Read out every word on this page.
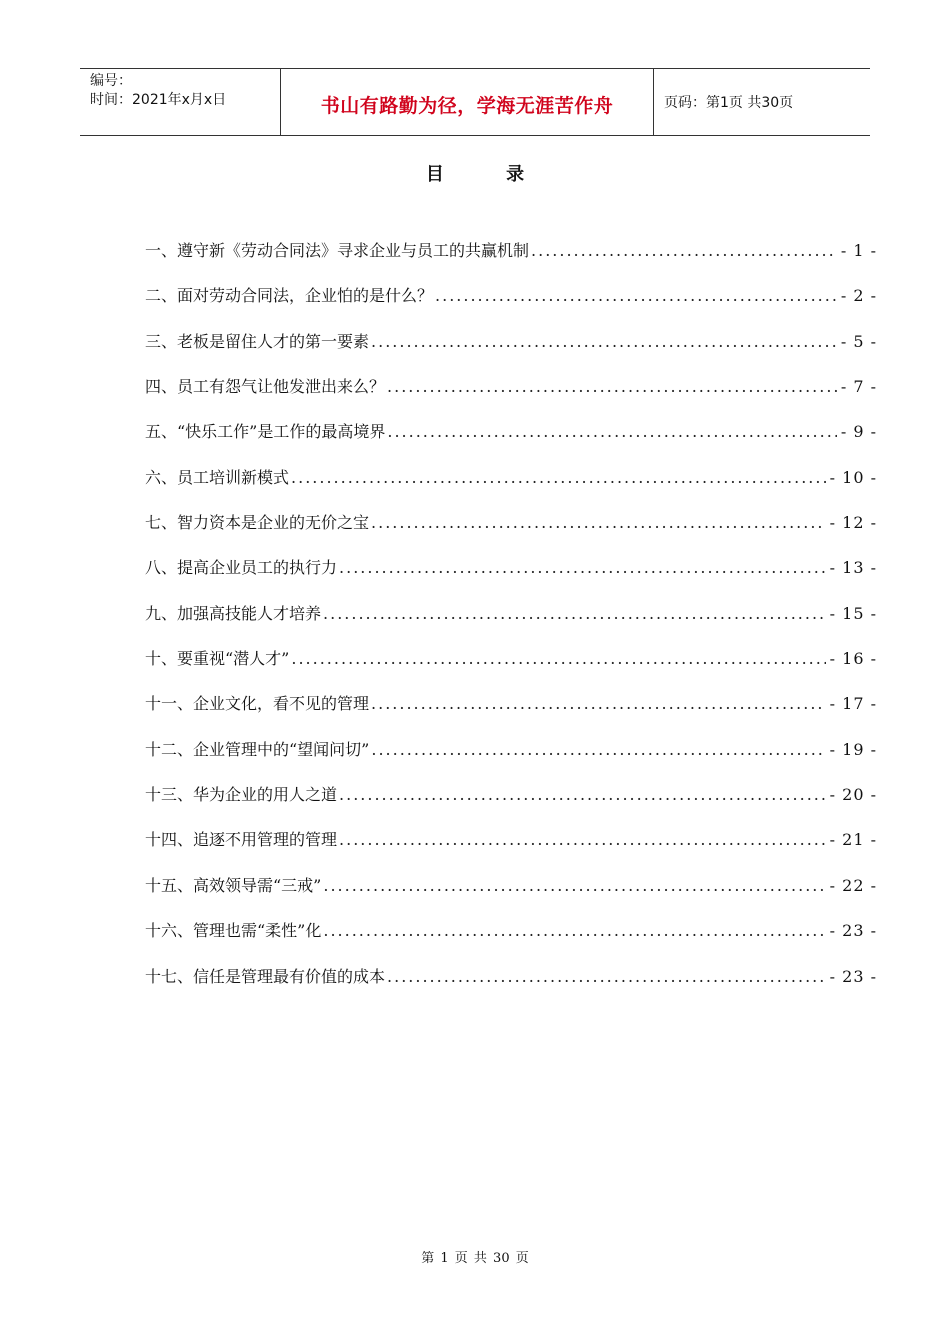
编号：
时间：2021年x月x日	书山有路勤为径，学海无涯苦作舟	页码：第1页 共30页
目 录
一、遵守新《劳动合同法》寻求企业与员工的共赢机制 .....	- 1 -
二、面对劳动合同法，企业怕的是什么？ .....	- 2 -
三、老板是留住人才的第一要素 .....	- 5 -
四、员工有怨气让他发泄出来么？ .....	- 7 -
五、“快乐工作”是工作的最高境界 .....	- 9 -
六、员工培训新模式 .....	- 10 -
七、智力资本是企业的无价之宝 .....	- 12 -
八、提高企业员工的执行力 .....	- 13 -
九、加强高技能人才培养 .....	- 15 -
十、要重视“潜人才” .....	- 16 -
十一、企业文化，看不见的管理 .....	- 17 -
十二、企业管理中的“望闻问切” .....	- 19 -
十三、华为企业的用人之道 .....	- 20 -
十四、追逐不用管理的管理 .....	- 21 -
十五、高效领导需“三戒” .....	- 22 -
十六、管理也需“柔性”化 .....	- 23 -
十七、信任是管理最有价值的成本 .....	- 23 -
第 1 页 共 30 页
